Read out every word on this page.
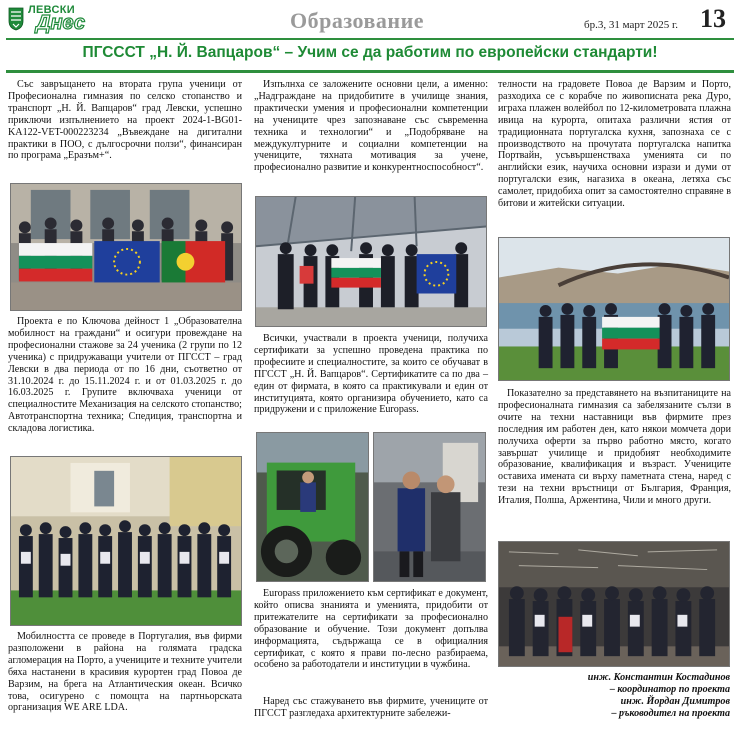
ЛЕВСКИ
Днес	Образование	бр.3, 31 март 2025 г. 13
ПГСССТ „Н. Й. Вапцаров“ – Учим се да работим по европейски стандарти!
Със завръщането на втората група ученици от Професионална гимназия по селско стопанство и транспорт „Н. Й. Вапцаров“ град Левски, успешно приключи изпълнението на проект 2024-1-BG01-KA122-VET-000223234 „Въвеждане на дигитални практики в ПОО, с дългосрочни ползи“, финансиран по програма „Еразъм+“.
Проекта е по Ключова дейност 1 „Образователна мобилност на граждани“ и осигури провеждане на професионални стажове за 24 ученика (2 групи по 12 ученика) с придружаващи учители от ПГССТ – град Левски в два периода от по 16 дни, съответно от 31.10.2024 г. до 15.11.2024 г. и от 01.03.2025 г. до 16.03.2025 г. Групите включваха ученици от специалностите Механизация на селското стопанство; Автотранспортна техника; Спедиция, транспортна и складова логистика.
Мобилността се проведе в Португалия, във фирми разположени в района на голямата градска агломерация на Порто, а учениците и техните учители бяха настанени в красивия курортен град Повоа де Варзим, на брега на Атлантическия океан. Всичко това, осигурено с помощта на партньорската организация WE ARE LDA.
Изпълнха се заложените основни цели, а именно: „Надграждане на придобитите в училище знания, практически умения и професионални компетенции на учениците чрез запознаване със съвременна техника и технологии“ и „Подобряване на междукултурните и социални компетенции на учениците, тяхната мотивация за учене, професионално развитие и конкурентноспособност“.
Всички, участвали в проекта ученици, получиха сертификати за успешно проведена практика по професиите и специалностите, за които се обучават в ПГССТ „Н. Й. Вапцаров“. Сертификатите са по два – един от фирмата, в която са практикували и един от институцията, която организира обучението, като са придружени и с приложение Europass.
Europass приложението към сертификат е документ, който описва знанията и уменията, придобити от притежателите на сертификати за професионално образование и обучение. Този документ допълва информацията, съдържаща се в официалния сертификат, с която я прави по-лесно разбираема, особено за работодатели и институции в чужбина.
Наред със стажуването във фирмите, учениците от ПГССТ разгледаха архитектурните забележи-
телности на градовете Повоа де Варзим и Порто, разходиха се с корабче по живописната река Дуро, играха плажен волейбол по 12-километровата плажна ивица на курорта, опитаха различни ястия от традиционната португалска кухня, запознаха се с производството на прочутата португалска напитка Портвайн, усъвършенстваха уменията си по английски език, научиха основни изрази и думи от португалски език, нагазиха в океана, летяха със самолет, придобиха опит за самостоятелно справяне в битови и житейски ситуации.
Показателно за представянето на възпитаниците на професионалната гимназия са забелязаните сълзи в очите на техни наставници във фирмите през последния им работен ден, като някои момчета дори получиха оферти за първо работно място, когато завършат училище и придобият необходимите образование, квалификация и възраст. Учениците оставиха имената си върху паметната стена, наред с тези на техни връстници от България, Франция, Италия, Полша, Аржентина, Чили и много други.
инж. Константин Костадинов
– координатор по проекта
инж. Йордан Димитров
– ръководител на проекта
